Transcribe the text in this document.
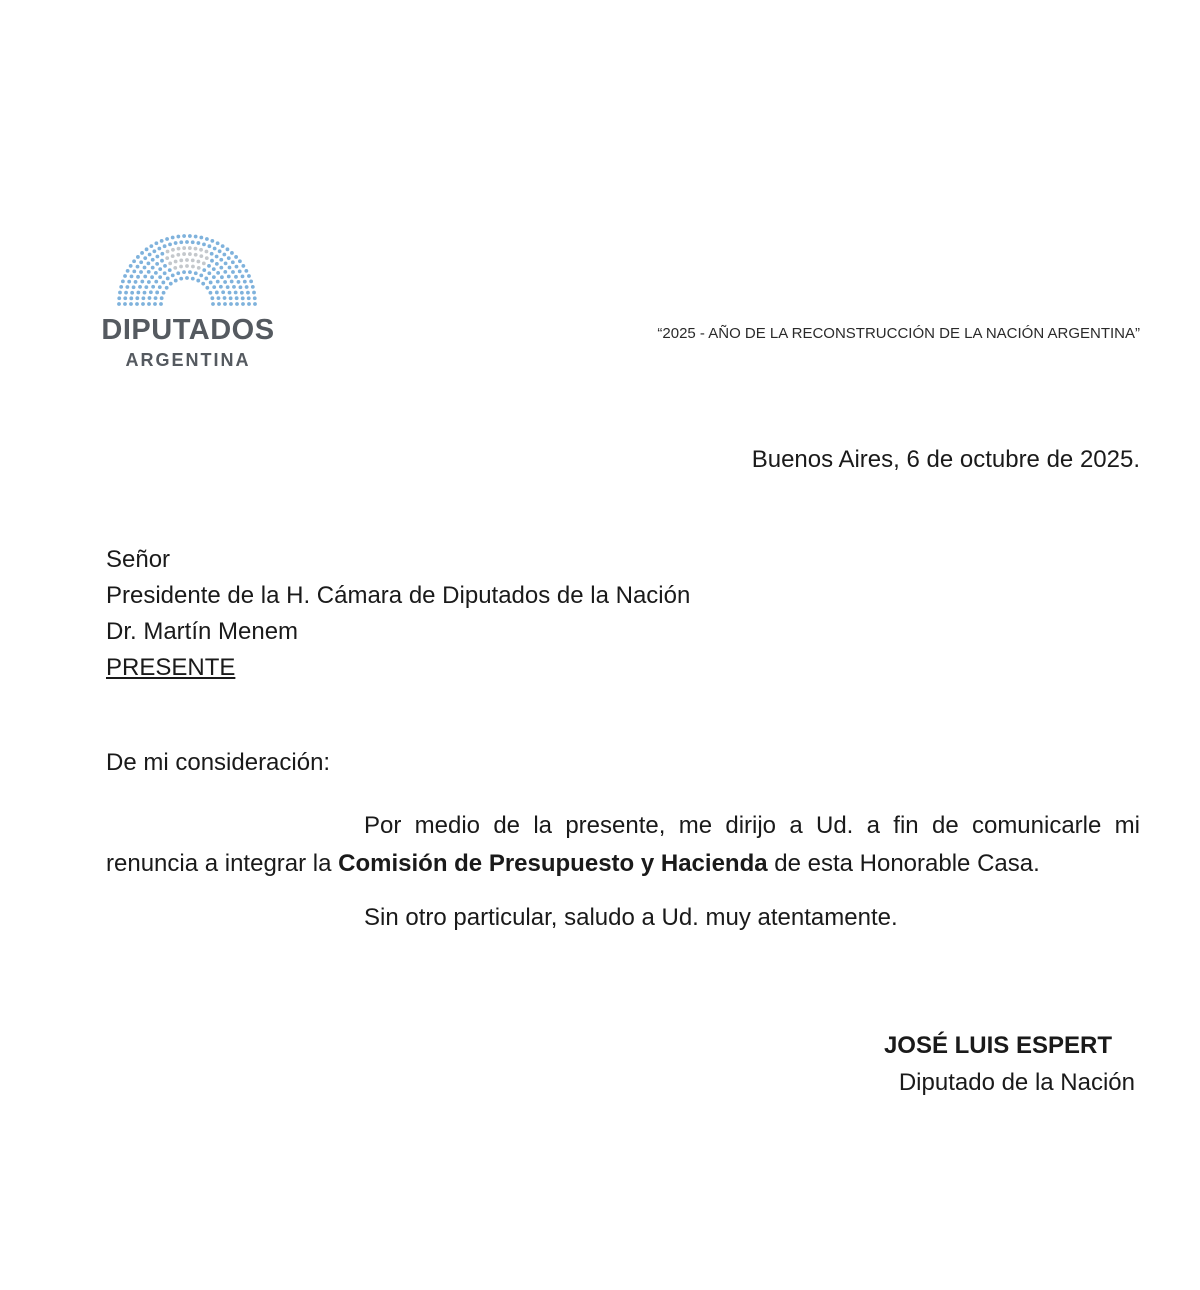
DIPUTADOS
ARGENTINA
“2025 - AÑO DE LA RECONSTRUCCIÓN DE LA NACIÓN ARGENTINA”
Buenos Aires, 6 de octubre de 2025.
Señor
Presidente de la H. Cámara de Diputados de la Nación
Dr. Martín Menem
PRESENTE
De mi consideración:

Por medio de la presente, me dirijo a Ud. a fin de comunicarle mi renuncia a integrar la Comisión de Presupuesto y Hacienda de esta Honorable Casa.

Sin otro particular, saludo a Ud. muy atentamente.
JOSÉ LUIS ESPERT
Diputado de la Nación
